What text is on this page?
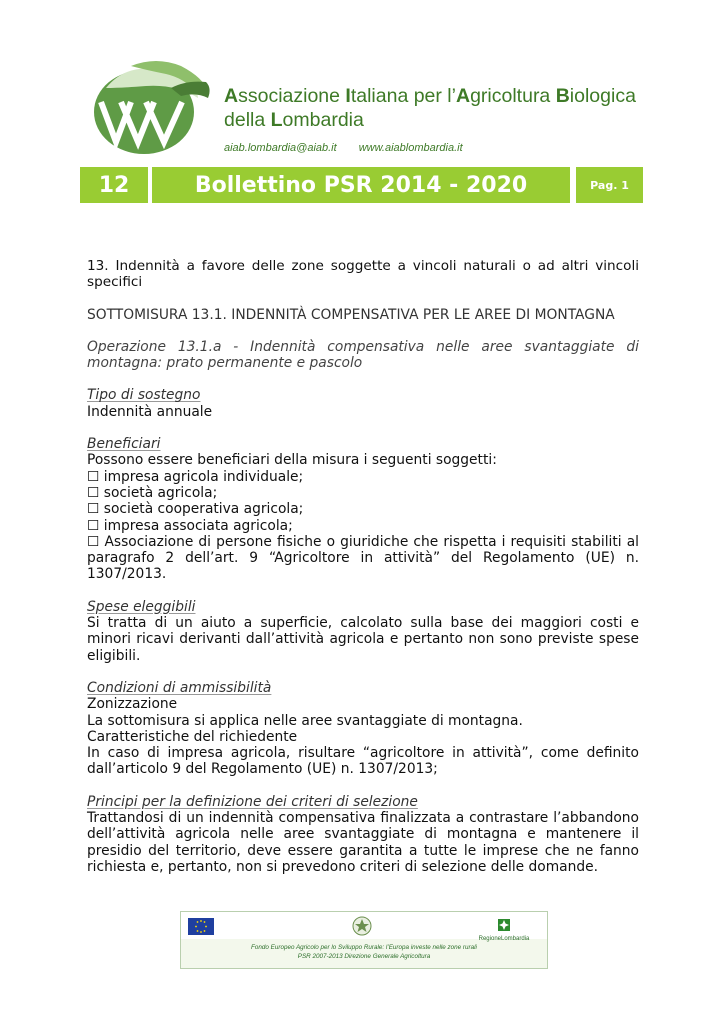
Associazione Italiana per l’Agricoltura Biologica
della Lombardia
aiab.lombardia@aiab.it www.aiablombardia.it
12	Bollettino PSR 2014 - 2020	Pag. 1

13. Indennità a favore delle zone soggette a vincoli naturali o ad altri vincoli specifici

SOTTOMISURA 13.1. INDENNITÀ COMPENSATIVA PER LE AREE DI MONTAGNA

Operazione 13.1.a - Indennità compensativa nelle aree svantaggiate di montagna: prato permanente e pascolo

Tipo di sostegno

Indennità annuale

Beneficiari

Possono essere beneficiari della misura i seguenti soggetti:

☐ impresa agricola individuale;

☐ società agricola;

☐ società cooperativa agricola;

☐ impresa associata agricola;

☐ Associazione di persone fisiche o giuridiche che rispetta i requisiti stabiliti al paragrafo 2 dell’art. 9 “Agricoltore in attività” del Regolamento (UE) n. 1307/2013.

Spese eleggibili

Si tratta di un aiuto a superficie, calcolato sulla base dei maggiori costi e minori ricavi derivanti dall’attività agricola e pertanto non sono previste spese eligibili.

Condizioni di ammissibilità

Zonizzazione

La sottomisura si applica nelle aree svantaggiate di montagna.

Caratteristiche del richiedente

In caso di impresa agricola, risultare “agricoltore in attività”, come definito dall’articolo 9 del Regolamento (UE) n. 1307/2013;

Principi per la definizione dei criteri di selezione

Trattandosi di un indennità compensativa finalizzata a contrastare l’abbandono dell’attività agricola nelle aree svantaggiate di montagna e mantenere il presidio del territorio, deve essere garantita a tutte le imprese che ne fanno richiesta e, pertanto, non si prevedono criteri di selezione delle domande.

RegioneLombardia
Fondo Europeo Agricolo per lo Sviluppo Rurale: l’Europa investe nelle zone rurali
PSR 2007-2013 Direzione Generale Agricoltura
